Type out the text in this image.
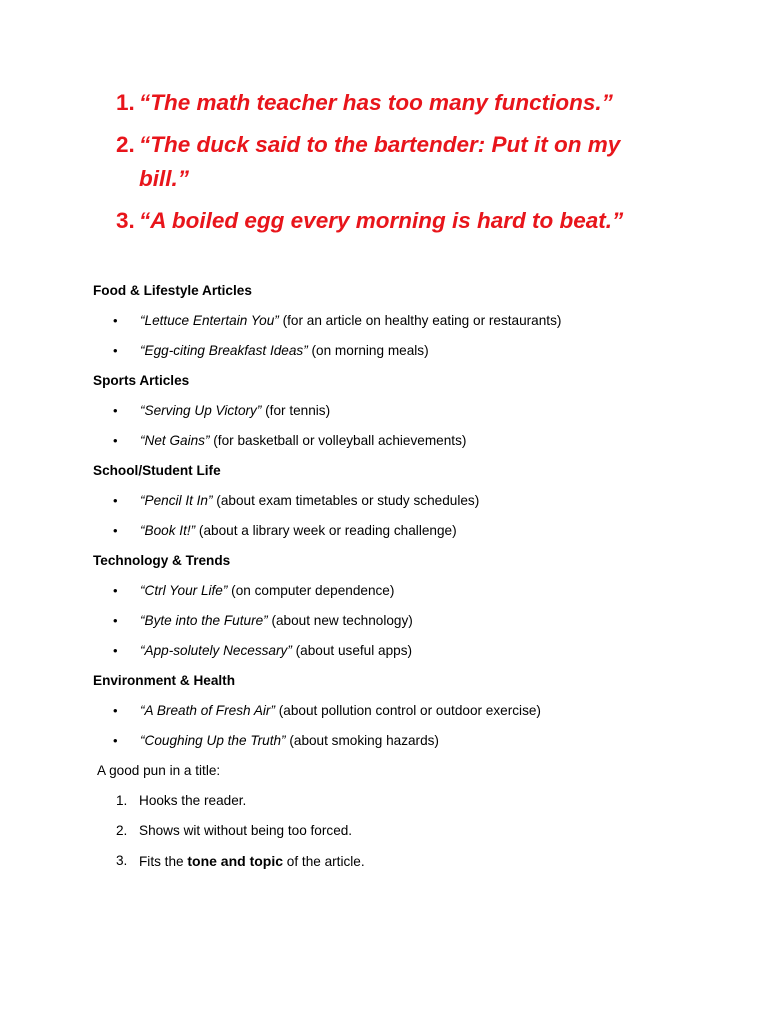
1. “The math teacher has too many functions.”
2. “The duck said to the bartender: Put it on my bill.”
3. “A boiled egg every morning is hard to beat.”
Food & Lifestyle Articles
• “Lettuce Entertain You” (for an article on healthy eating or restaurants)
• “Egg-citing Breakfast Ideas” (on morning meals)
Sports Articles
• “Serving Up Victory” (for tennis)
• “Net Gains” (for basketball or volleyball achievements)
School/Student Life
• “Pencil It In” (about exam timetables or study schedules)
• “Book It!” (about a library week or reading challenge)
Technology & Trends
• “Ctrl Your Life” (on computer dependence)
• “Byte into the Future” (about new technology)
• “App-solutely Necessary” (about useful apps)
Environment & Health
• “A Breath of Fresh Air” (about pollution control or outdoor exercise)
• “Coughing Up the Truth” (about smoking hazards)
A good pun in a title:
1. Hooks the reader.
2. Shows wit without being too forced.
3. Fits the tone and topic of the article.
